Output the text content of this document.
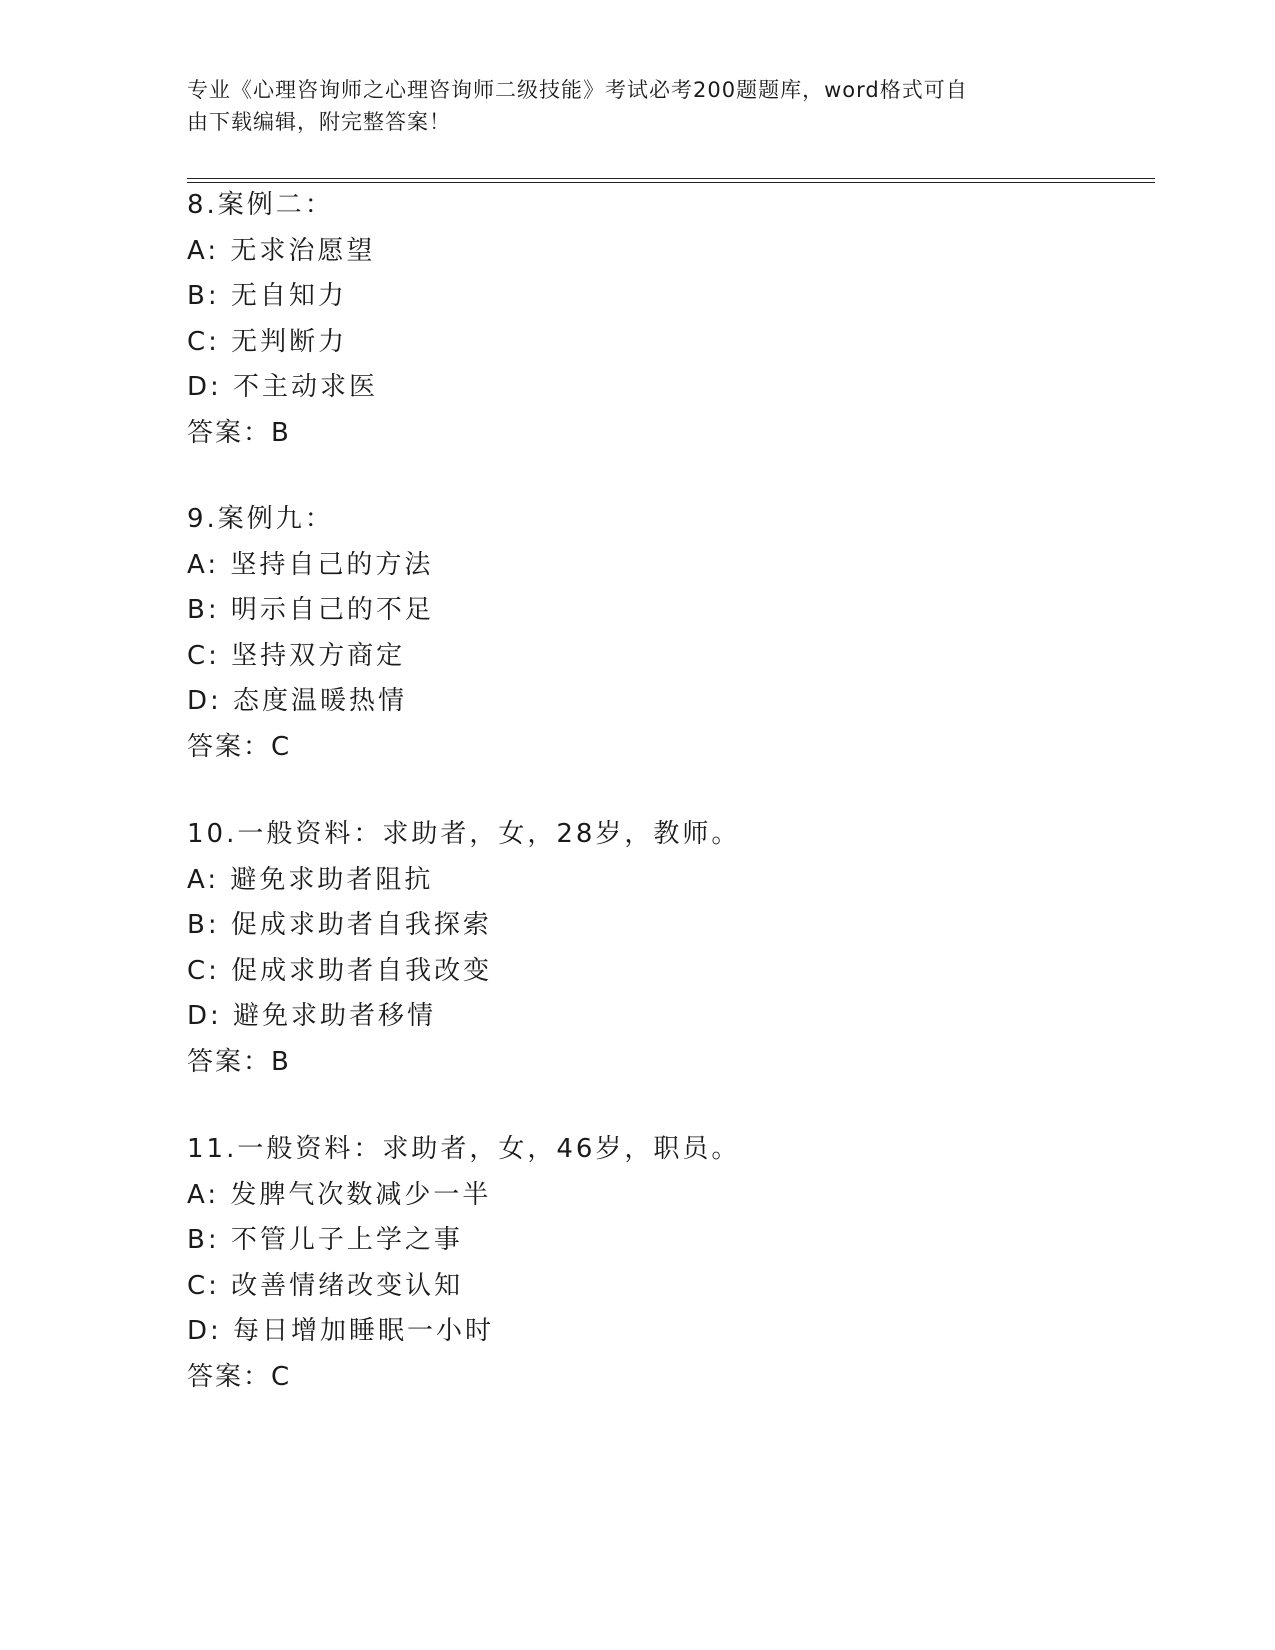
专业《心理咨询师之心理咨询师二级技能》考试必考200题题库，word格式可自
由下载编辑，附完整答案！
8.案例二：
A: 无求治愿望
B: 无自知力
C: 无判断力
D: 不主动求医
答案：B
9.案例九：
A: 坚持自己的方法
B: 明示自己的不足
C: 坚持双方商定
D: 态度温暖热情
答案：C
10.一般资料：求助者，女，28岁，教师。
A: 避免求助者阻抗
B: 促成求助者自我探索
C: 促成求助者自我改变
D: 避免求助者移情
答案：B
11.一般资料：求助者，女，46岁，职员。
A: 发脾气次数减少一半
B: 不管儿子上学之事
C: 改善情绪改变认知
D: 每日增加睡眠一小时
答案：C
